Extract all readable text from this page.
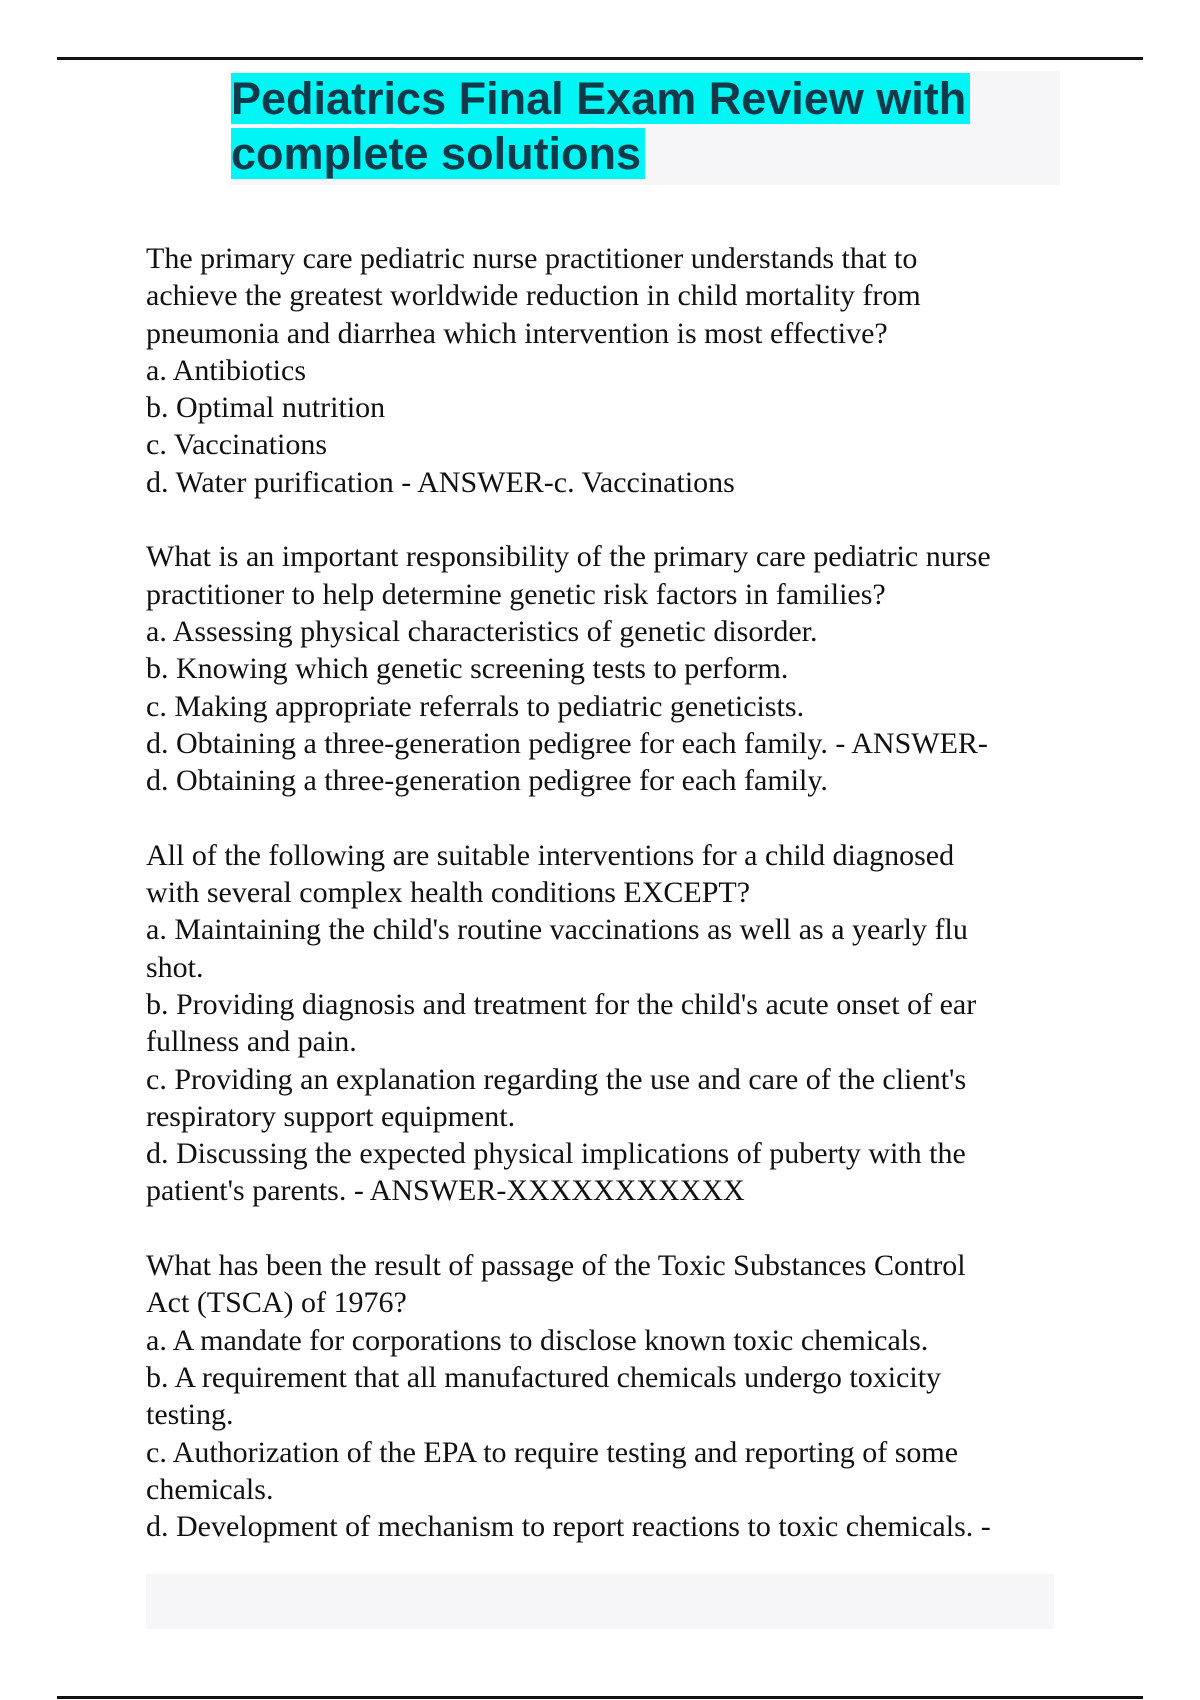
Pediatrics Final Exam Review with
complete solutions
The primary care pediatric nurse practitioner understands that to
achieve the greatest worldwide reduction in child mortality from
pneumonia and diarrhea which intervention is most effective?
a. Antibiotics
b. Optimal nutrition
c. Vaccinations
d. Water purification - ANSWER-c. Vaccinations
What is an important responsibility of the primary care pediatric nurse
practitioner to help determine genetic risk factors in families?
a. Assessing physical characteristics of genetic disorder.
b. Knowing which genetic screening tests to perform.
c. Making appropriate referrals to pediatric geneticists.
d. Obtaining a three-generation pedigree for each family. - ANSWER-
d. Obtaining a three-generation pedigree for each family.
All of the following are suitable interventions for a child diagnosed
with several complex health conditions EXCEPT?
a. Maintaining the child's routine vaccinations as well as a yearly flu
shot.
b. Providing diagnosis and treatment for the child's acute onset of ear
fullness and pain.
c. Providing an explanation regarding the use and care of the client's
respiratory support equipment.
d. Discussing the expected physical implications of puberty with the
patient's parents. - ANSWER-XXXXXXXXXXX
What has been the result of passage of the Toxic Substances Control
Act (TSCA) of 1976?
a. A mandate for corporations to disclose known toxic chemicals.
b. A requirement that all manufactured chemicals undergo toxicity
testing.
c. Authorization of the EPA to require testing and reporting of some
chemicals.
d. Development of mechanism to report reactions to toxic chemicals. -
